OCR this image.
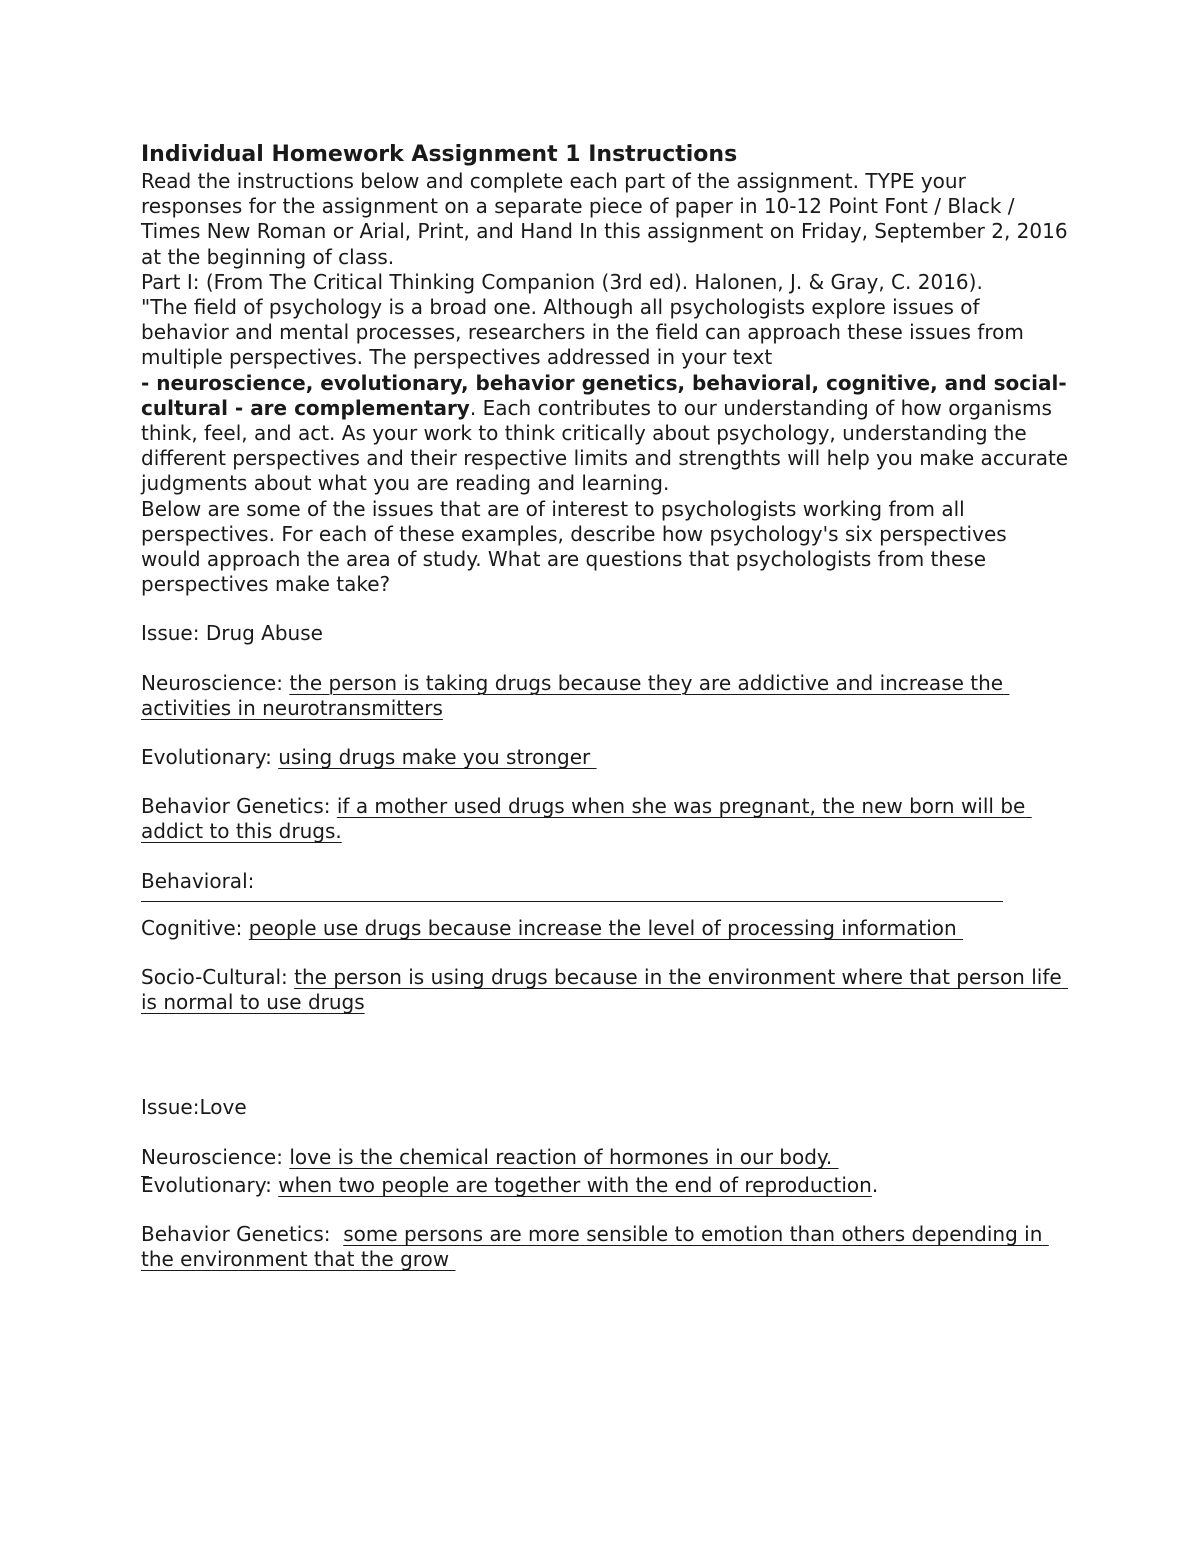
Individual Homework Assignment 1 Instructions

Read the instructions below and complete each part of the assignment. TYPE your responses for the assignment on a separate piece of paper in 10-12 Point Font / Black / Times New Roman or Arial, Print, and Hand In this assignment on Friday, September 2, 2016 at the beginning of class.

Part I: (From The Critical Thinking Companion (3rd ed). Halonen, J. & Gray, C. 2016).

"The field of psychology is a broad one. Although all psychologists explore issues of behavior and mental processes, researchers in the field can approach these issues from multiple perspectives. The perspectives addressed in your text
- neuroscience, evolutionary, behavior genetics, behavioral, cognitive, and social-cultural - are complementary. Each contributes to our understanding of how organisms think, feel, and act. As your work to think critically about psychology, understanding the different perspectives and their respective limits and strengthts will help you make accurate judgments about what you are reading and learning.

Below are some of the issues that are of interest to psychologists working from all perspectives. For each of these examples, describe how psychology's six perspectives would approach the area of study. What are questions that psychologists from these perspectives make take?

Issue: Drug Abuse

Neuroscience: the person is taking drugs because they are addictive and increase the activities in neurotransmitters

Evolutionary: using drugs make you stronger

Behavior Genetics: if a mother used drugs when she was pregnant, the new born will be addict to this drugs.

Behavioral:

Cognitive: people use drugs because increase the level of processing information

Socio-Cultural: the person is using drugs because in the environment where that person life is normal to use drugs

Issue:Love

Neuroscience: love is the chemical reaction of hormones in our body.

Evolutionary: when two people are together with the end of reproduction.

Behavior Genetics:  some persons are more sensible to emotion than others depending in the environment that the grow
